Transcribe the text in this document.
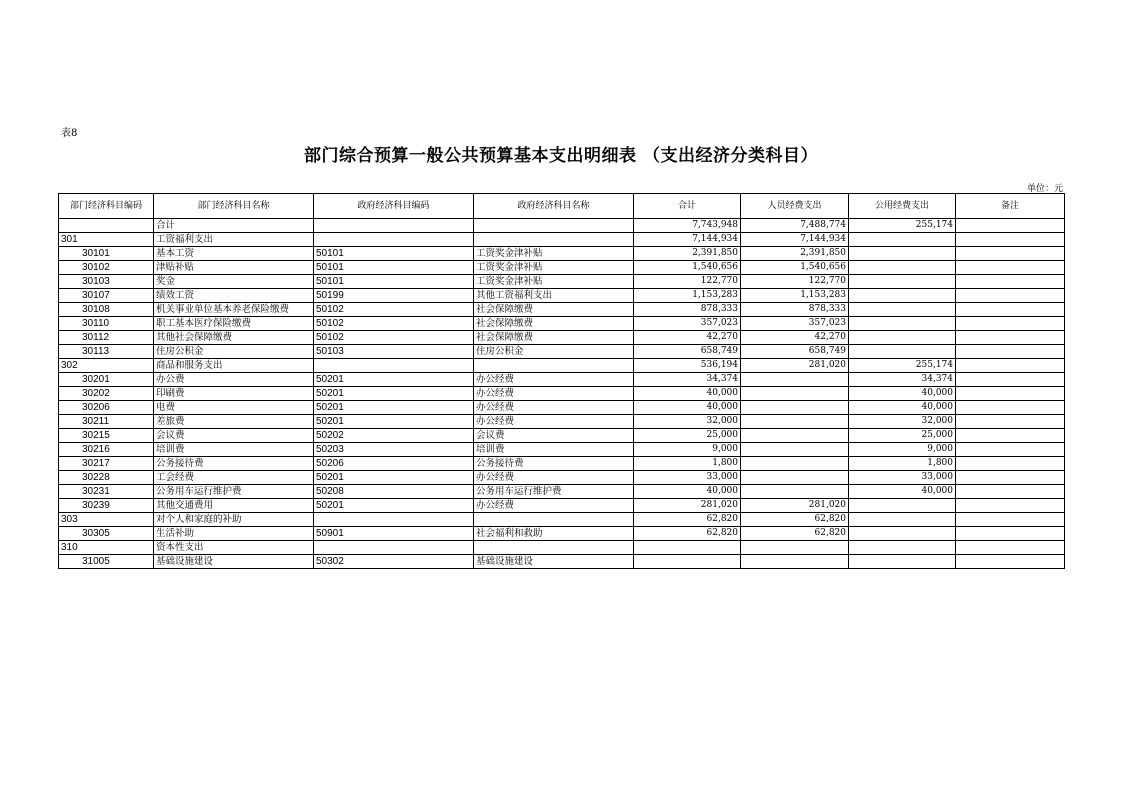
表8
部门综合预算一般公共预算基本支出明细表 （支出经济分类科目）
单位：元
部门经济科目编码	部门经济科目名称	政府经济科目编码	政府经济科目名称	合计	人员经费支出	公用经费支出	备注
	合计			7,743,948	7,488,774	255,174	
301	工资福利支出			7,144,934	7,144,934		
30101	基本工资	50101	工资奖金津补贴	2,391,850	2,391,850		
30102	津贴补贴	50101	工资奖金津补贴	1,540,656	1,540,656		
30103	奖金	50101	工资奖金津补贴	122,770	122,770		
30107	绩效工资	50199	其他工资福利支出	1,153,283	1,153,283		
30108	机关事业单位基本养老保险缴费	50102	社会保障缴费	878,333	878,333		
30110	职工基本医疗保险缴费	50102	社会保障缴费	357,023	357,023		
30112	其他社会保障缴费	50102	社会保障缴费	42,270	42,270		
30113	住房公积金	50103	住房公积金	658,749	658,749		
302	商品和服务支出			536,194	281,020	255,174	
30201	办公费	50201	办公经费	34,374		34,374	
30202	印刷费	50201	办公经费	40,000		40,000	
30206	电费	50201	办公经费	40,000		40,000	
30211	差旅费	50201	办公经费	32,000		32,000	
30215	会议费	50202	会议费	25,000		25,000	
30216	培训费	50203	培训费	9,000		9,000	
30217	公务接待费	50206	公务接待费	1,800		1,800	
30228	工会经费	50201	办公经费	33,000		33,000	
30231	公务用车运行维护费	50208	公务用车运行维护费	40,000		40,000	
30239	其他交通费用	50201	办公经费	281,020	281,020		
303	对个人和家庭的补助			62,820	62,820		
30305	生活补助	50901	社会福利和救助	62,820	62,820		
310	资本性支出						
31005	基础设施建设	50302	基础设施建设				
